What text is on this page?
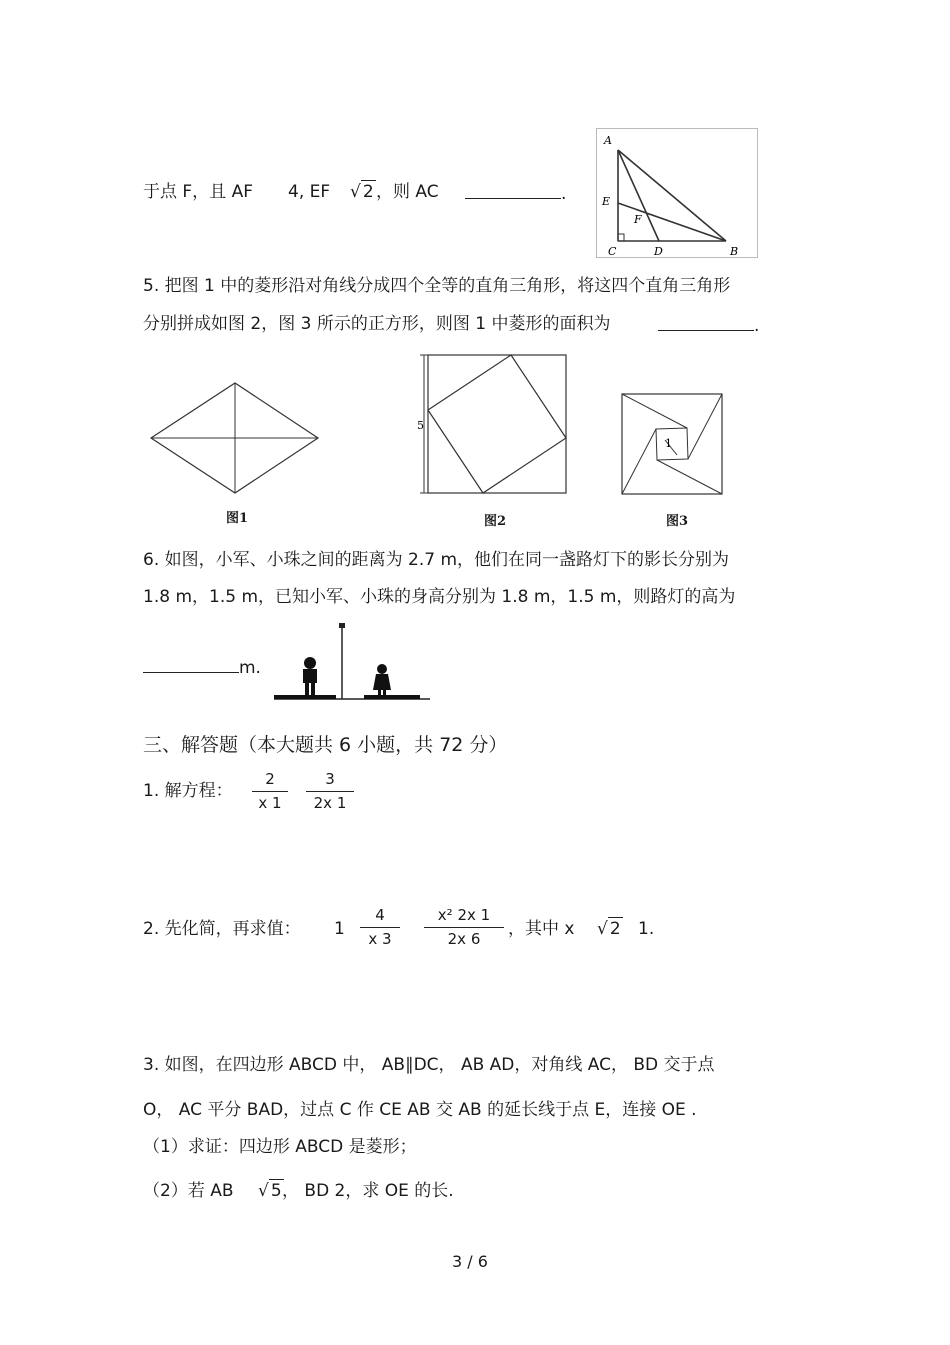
于点 F，且 AF 4, EF √ 2 ，则 AC	.
A
E
F
C	D	B
5. 把图 1 中的菱形沿对角线分成四个全等的直角三角形，将这四个直角三角形
分别拼成如图 2，图 3 所示的正方形，则图 1 中菱形的面积为	.
图1
5
图2
1
图3
6. 如图，小军、小珠之间的距离为 2.7 m，他们在同一盏路灯下的影长分别为
1.8 m，1.5 m，已知小军、小珠的身高分别为 1.8 m，1.5 m，则路灯的高为
m.
三、解答题（本大题共 6 小题，共 72 分）
1. 解方程：
2
x 1
3
2x 1
2. 先化简，再求值： 1
4
x 3
x² 2x 1
2x 6	，其中 x √ 2 1.
3. 如图，在四边形 ABCD 中， AB∥DC， AB AD，对角线 AC， BD 交于点
O， AC 平分 BAD，过点 C 作 CE AB 交 AB 的延长线于点 E，连接 OE .
（1）求证：四边形 ABCD 是菱形；
（2）若 AB √ 5 ， BD 2，求 OE 的长.
3 / 6
